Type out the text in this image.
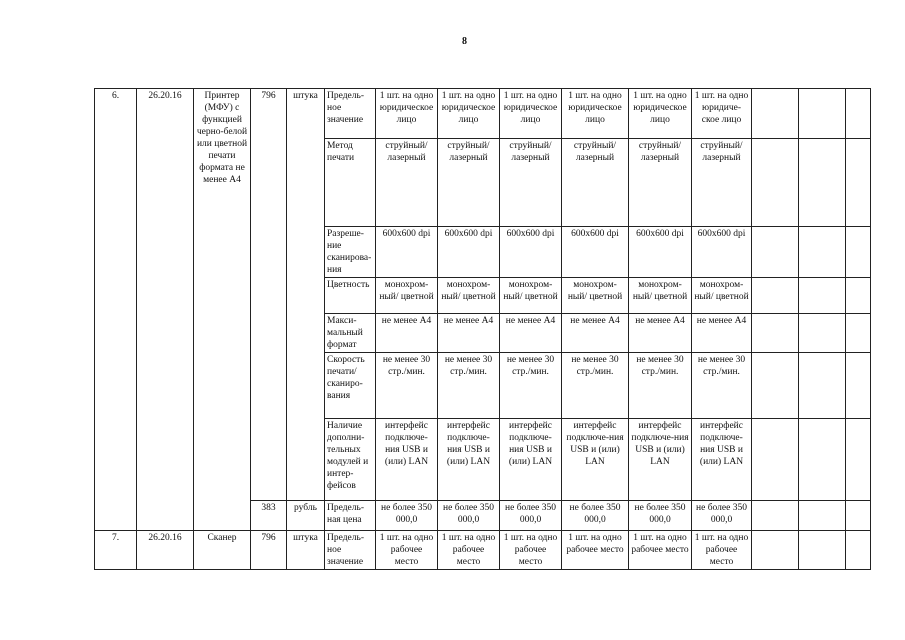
8
6.	26.20.16	Принтер (МФУ) с функцией черно-белой или цветной печати формата не менее А4	796	штука	Предель-ное значение	1 шт. на одно юридическое лицо	1 шт. на одно юридическое лицо	1 шт. на одно юридическое лицо	1 шт. на одно юридическое лицо	1 шт. на одно юридическое лицо	1 шт. на одно юридиче-ское лицо			
					Метод печати	струйный/ лазерный	струйный/ лазерный	струйный/ лазерный	струйный/ лазерный	струйный/ лазерный	струйный/ лазерный			
					Разреше-ние сканирова-ния	600x600 dpi	600x600 dpi	600x600 dpi	600x600 dpi	600x600 dpi	600x600 dpi			
					Цветность	монохром-ный/ цветной	монохром-ный/ цветной	монохром-ный/ цветной	монохром-ный/ цветной	монохром-ный/ цветной	монохром-ный/ цветной			
					Макси-мальный формат	не менее А4	не менее А4	не менее А4	не менее А4	не менее А4	не менее А4			
					Скорость печати/ сканиро-вания	не менее 30 стр./мин.	не менее 30 стр./мин.	не менее 30 стр./мин.	не менее 30 стр./мин.	не менее 30 стр./мин.	не менее 30 стр./мин.			
					Наличие дополни-тельных модулей и интер-фейсов	интерфейс подключе-ния USB и (или) LAN	интерфейс подключе-ния USB и (или) LAN	интерфейс подключе-ния USB и (или) LAN	интерфейс подключе-ния USB и (или) LAN	интерфейс подключе-ния USB и (или) LAN	интерфейс подключе-ния USB и (или) LAN			
			383	рубль	Предель-ная цена	не более 350 000,0	не более 350 000,0	не более 350 000,0	не более 350 000,0	не более 350 000,0	не более 350 000,0			
7.	26.20.16	Сканер	796	штука	Предель-ное значение	1 шт. на одно рабочее место	1 шт. на одно рабочее место	1 шт. на одно рабочее место	1 шт. на одно рабочее место	1 шт. на одно рабочее место	1 шт. на одно рабочее место			
